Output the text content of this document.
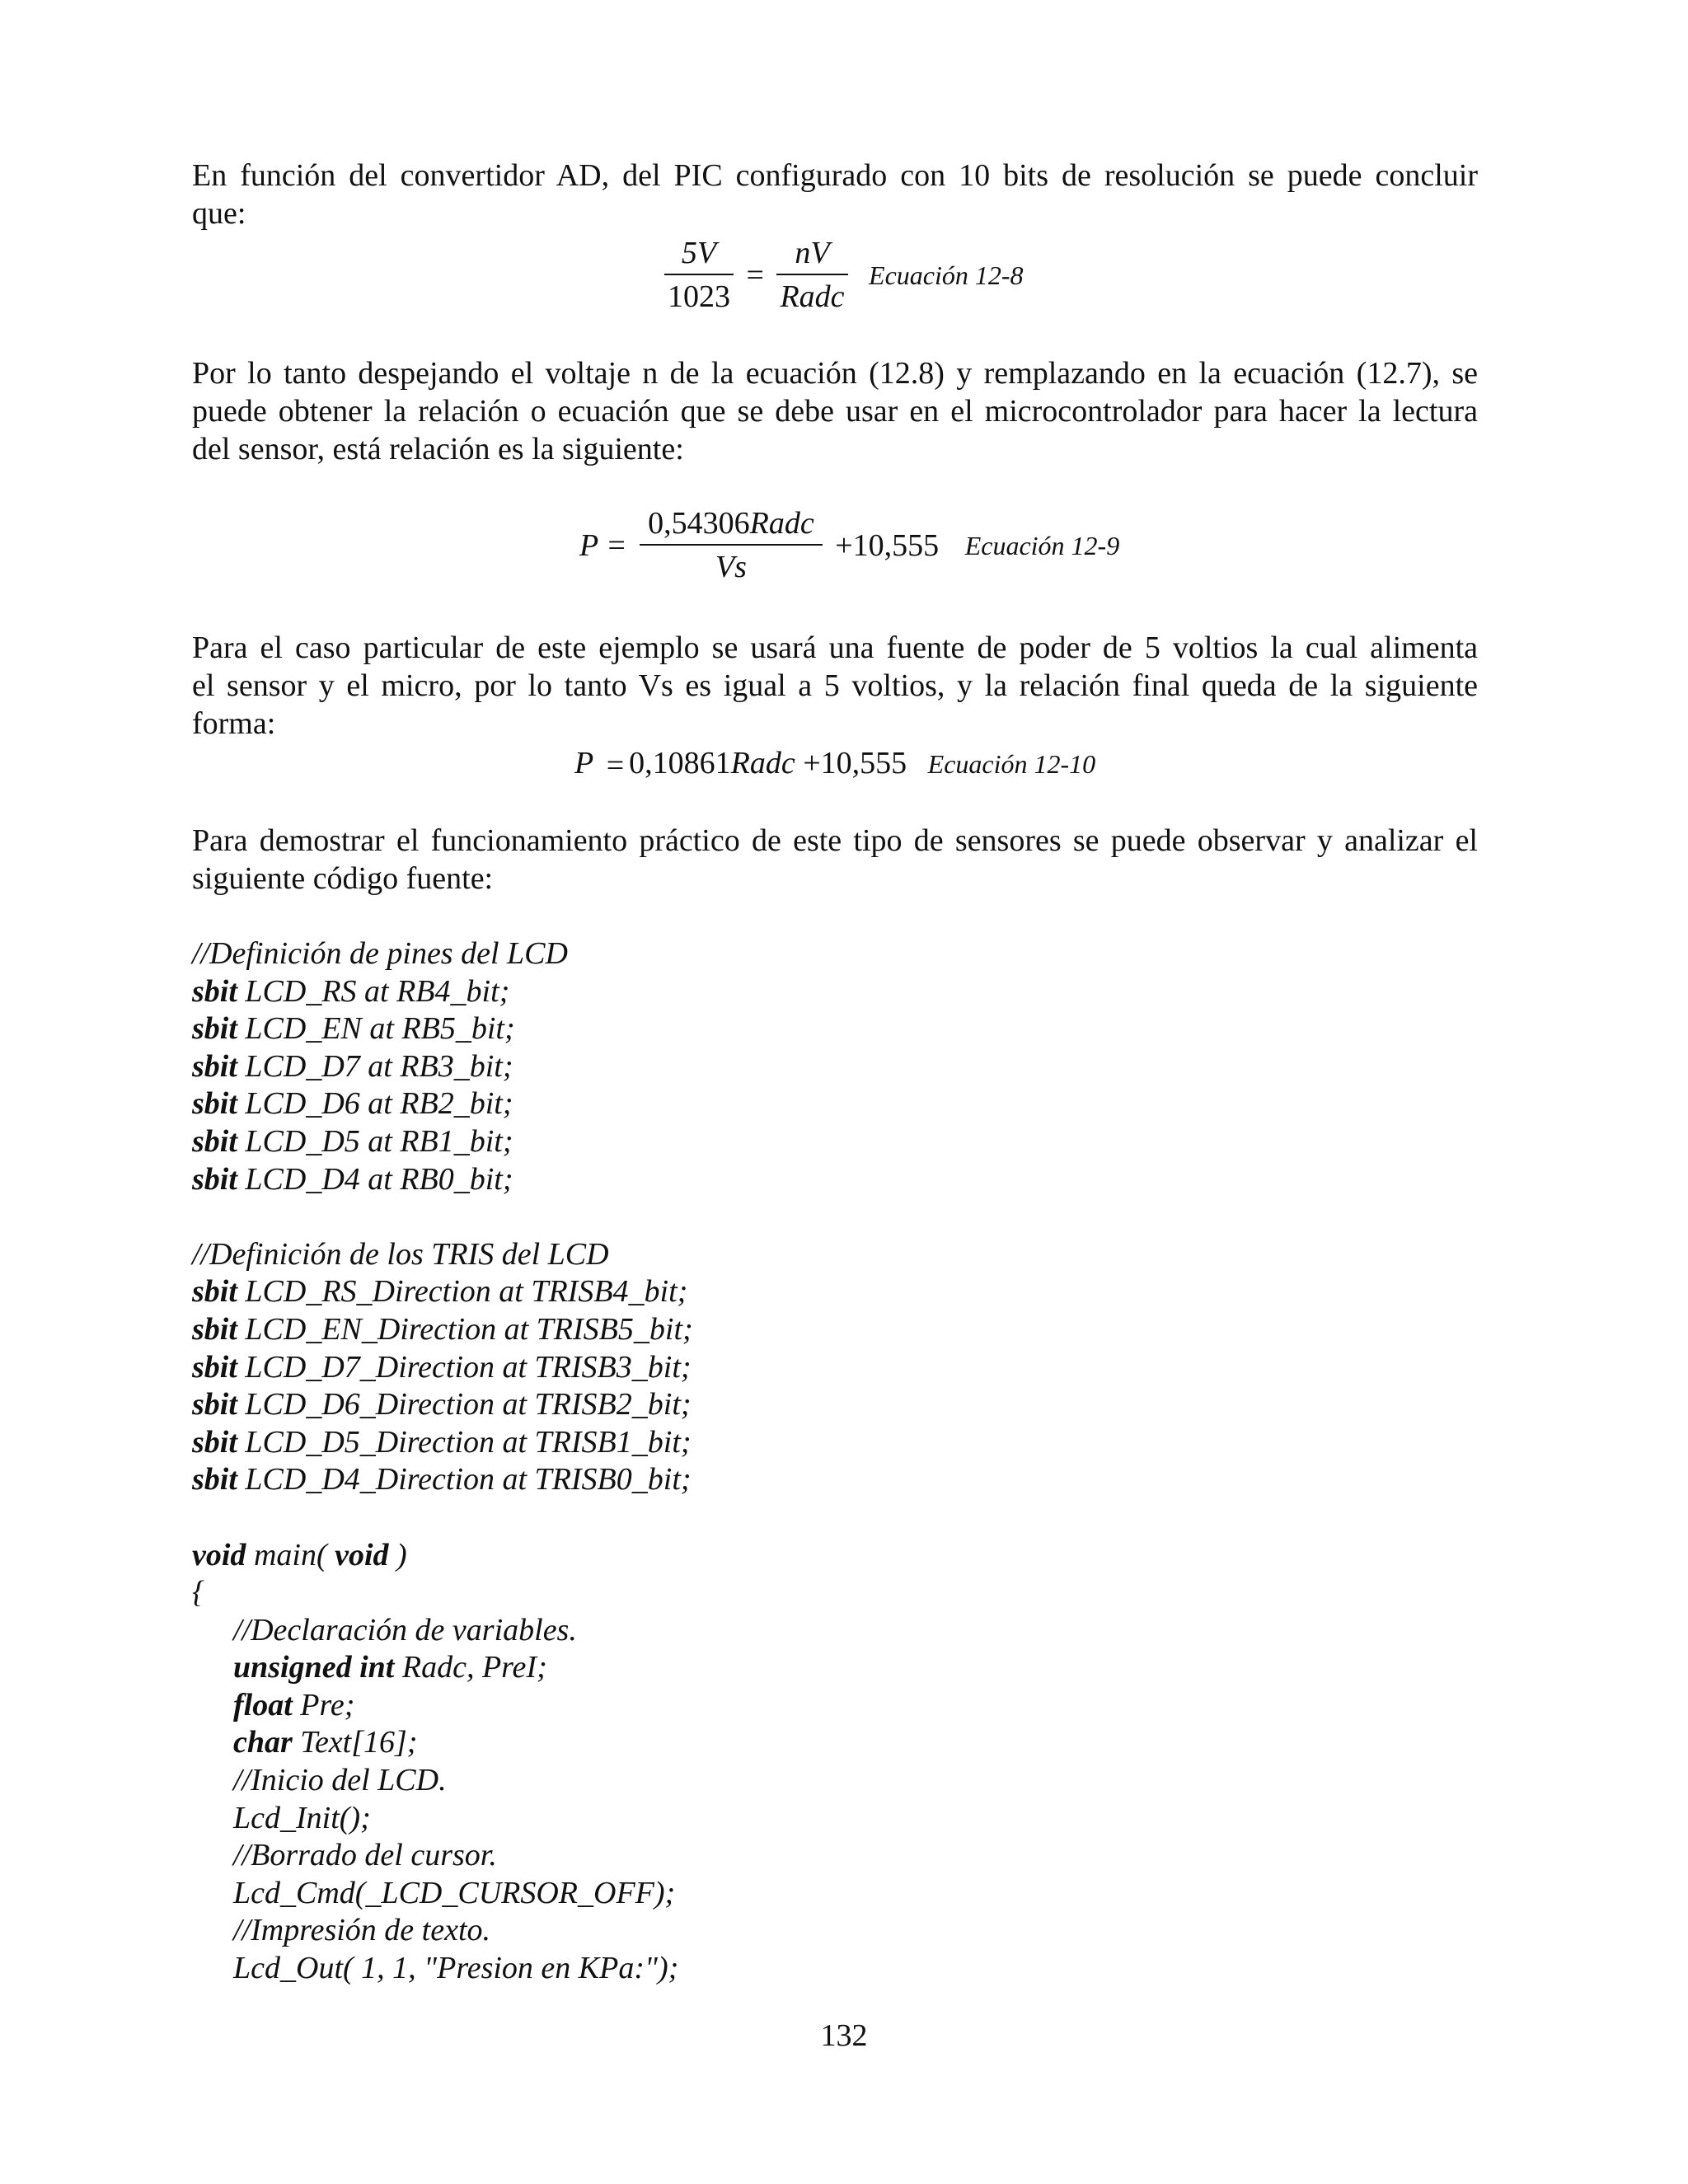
En función del convertidor AD, del PIC configurado con 10 bits de resolución se puede concluir
que:
$\frac{5V}{1023} = \frac{nV}{\text{Radc}}$ Ecuación 12-8
Por lo tanto despejando el voltaje n de la ecuación (12.8) y remplazando en la ecuación (12.7), se
puede obtener la relación o ecuación que se debe usar en el microcontrolador para hacer la lectura
del sensor, está relación es la siguiente:
$P = \frac{\text{0,54306Radc}}{Vs} +10,555$ Ecuación 12-9
Para el caso particular de este ejemplo se usará una fuente de poder de 5 voltios la cual alimenta
el sensor y el micro, por lo tanto Vs es igual a 5 voltios, y la relación final queda de la siguiente
forma:
P = 0,10861Radc +10,555 Ecuación 12-10
Para demostrar el funcionamiento práctico de este tipo de sensores se puede observar y analizar el
siguiente código fuente:
//Definición de pines del LCD
sbit LCD_RS at RB4_bit;
sbit LCD_EN at RB5_bit;
sbit LCD_D7 at RB3_bit;
sbit LCD_D6 at RB2_bit;
sbit LCD_D5 at RB1_bit;
sbit LCD_D4 at RB0_bit;
//Definición de los TRIS del LCD
sbit LCD_RS_Direction at TRISB4_bit;
sbit LCD_EN_Direction at TRISB5_bit;
sbit LCD_D7_Direction at TRISB3_bit;
sbit LCD_D6_Direction at TRISB2_bit;
sbit LCD_D5_Direction at TRISB1_bit;
sbit LCD_D4_Direction at TRISB0_bit;
void main( void )
{
//Declaración de variables.
unsigned int Radc, PreI;
float Pre;
char Text[16];
//Inicio del LCD.
Lcd_Init();
//Borrado del cursor.
Lcd_Cmd(_LCD_CURSOR_OFF);
//Impresión de texto.
Lcd_Out( 1, 1, "Presion en KPa:");
132
